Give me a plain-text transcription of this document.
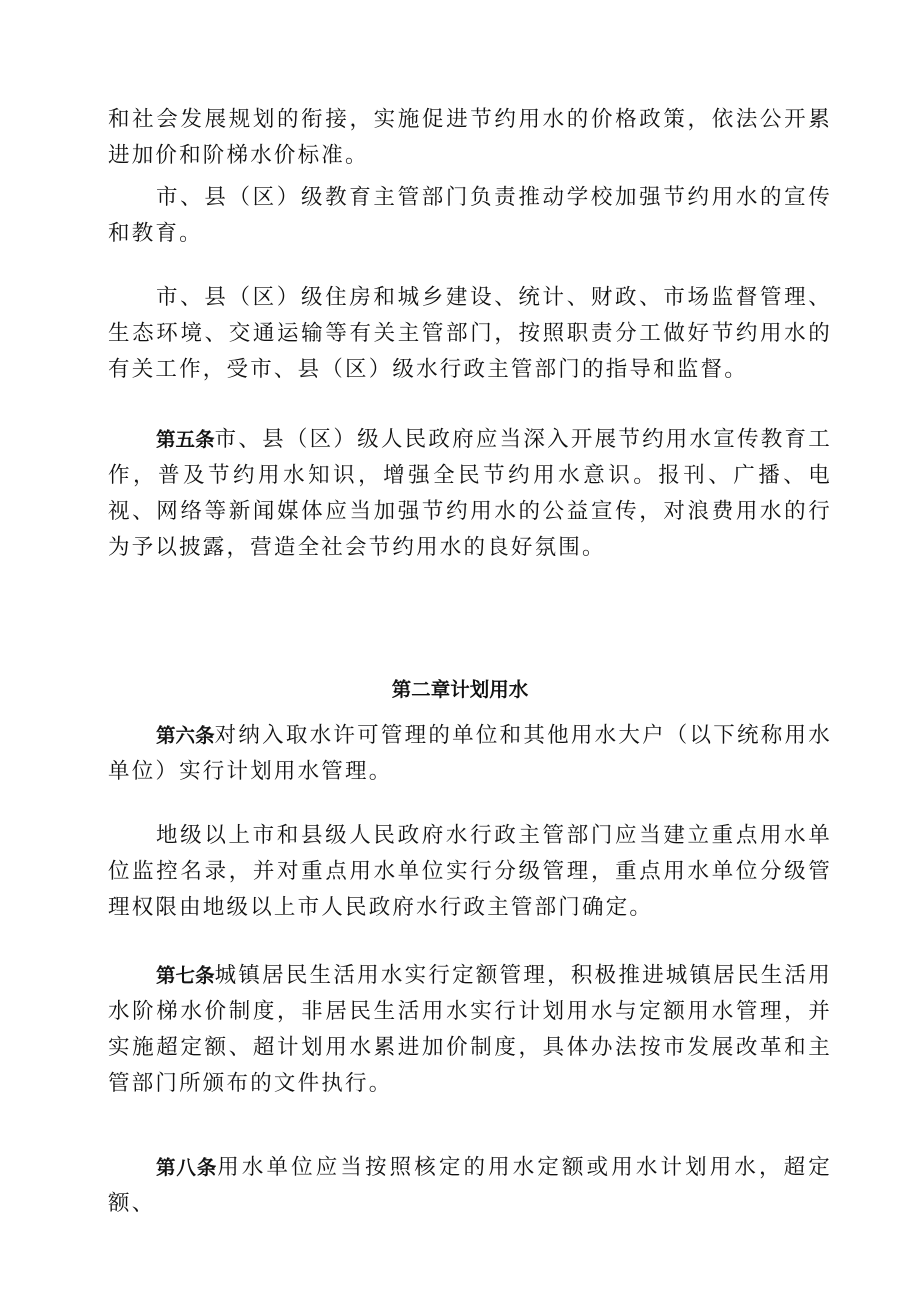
和社会发展规划的衔接，实施促进节约用水的价格政策，依法公开累进加价和阶梯水价标准。

市、县（区）级教育主管部门负责推动学校加强节约用水的宣传和教育。

市、县（区）级住房和城乡建设、统计、财政、市场监督管理、生态环境、交通运输等有关主管部门，按照职责分工做好节约用水的有关工作，受市、县（区）级水行政主管部门的指导和监督。

第五条市、县（区）级人民政府应当深入开展节约用水宣传教育工作，普及节约用水知识，增强全民节约用水意识。报刊、广播、电视、网络等新闻媒体应当加强节约用水的公益宣传，对浪费用水的行为予以披露，营造全社会节约用水的良好氛围。

第二章计划用水

第六条对纳入取水许可管理的单位和其他用水大户（以下统称用水单位）实行计划用水管理。

地级以上市和县级人民政府水行政主管部门应当建立重点用水单位监控名录，并对重点用水单位实行分级管理，重点用水单位分级管理权限由地级以上市人民政府水行政主管部门确定。

第七条城镇居民生活用水实行定额管理，积极推进城镇居民生活用水阶梯水价制度，非居民生活用水实行计划用水与定额用水管理，并实施超定额、超计划用水累进加价制度，具体办法按市发展改革和主管部门所颁布的文件执行。

第八条用水单位应当按照核定的用水定额或用水计划用水，超定额、
